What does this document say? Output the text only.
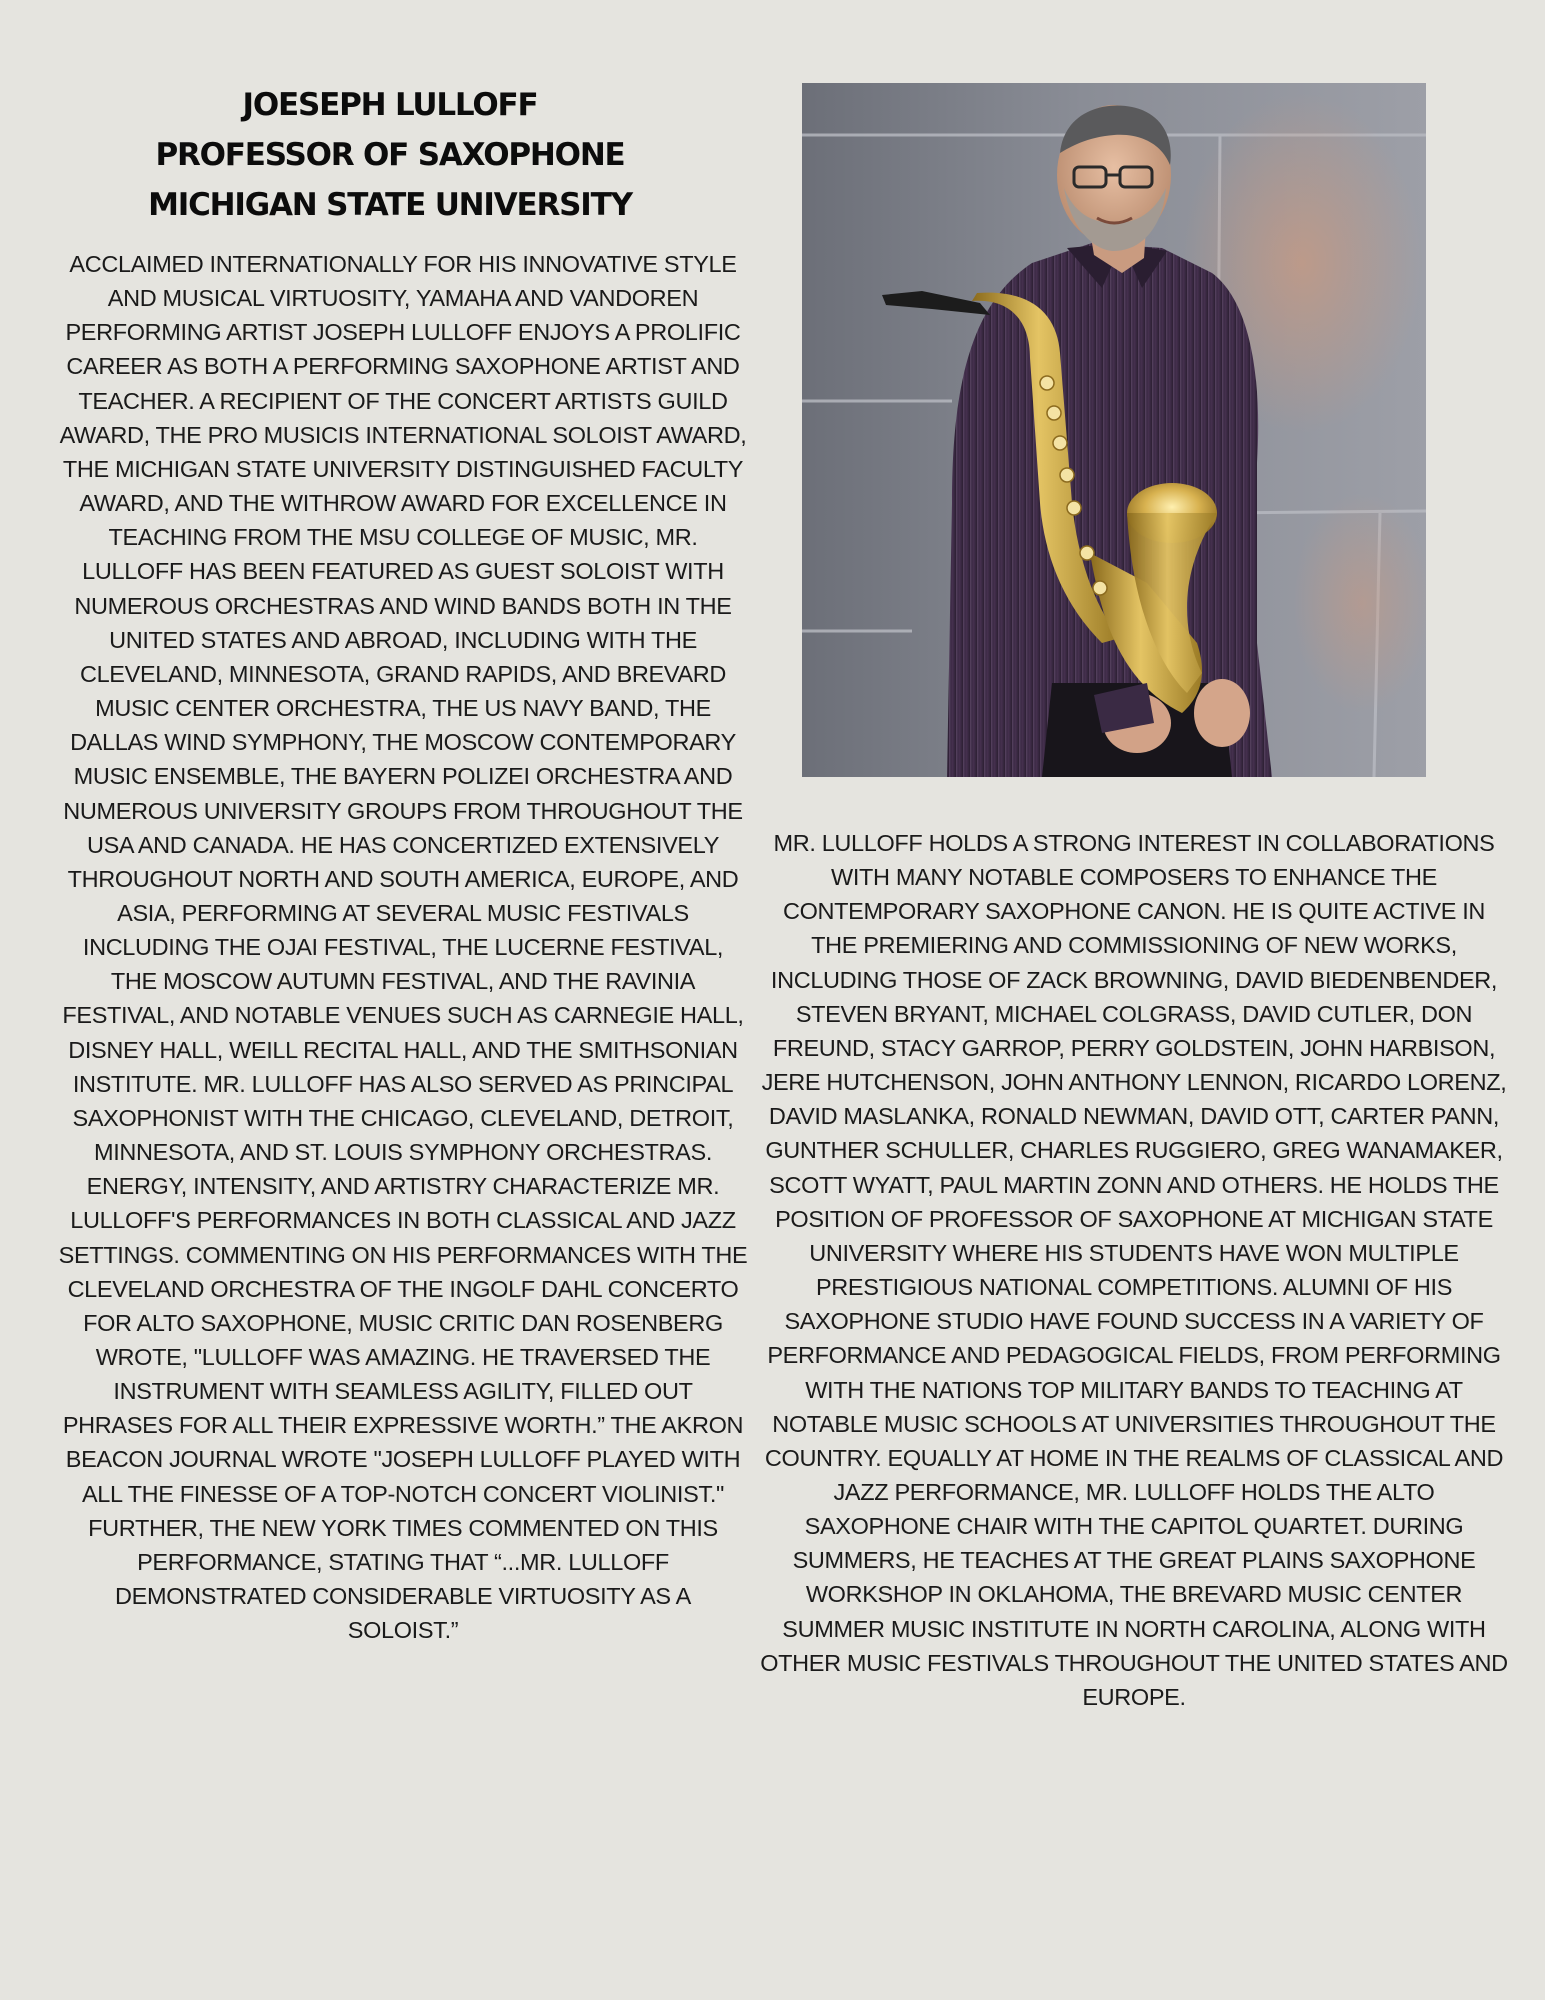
JOESEPH LULLOFF
PROFESSOR OF SAXOPHONE
MICHIGAN STATE UNIVERSITY

ACCLAIMED INTERNATIONALLY FOR HIS INNOVATIVE STYLE AND MUSICAL VIRTUOSITY, YAMAHA AND VANDOREN PERFORMING ARTIST JOSEPH LULLOFF ENJOYS A PROLIFIC CAREER AS BOTH A PERFORMING SAXOPHONE ARTIST AND TEACHER. A RECIPIENT OF THE CONCERT ARTISTS GUILD AWARD, THE PRO MUSICIS INTERNATIONAL SOLOIST AWARD, THE MICHIGAN STATE UNIVERSITY DISTINGUISHED FACULTY AWARD, AND THE WITHROW AWARD FOR EXCELLENCE IN TEACHING FROM THE MSU COLLEGE OF MUSIC, MR. LULLOFF HAS BEEN FEATURED AS GUEST SOLOIST WITH NUMEROUS ORCHESTRAS AND WIND BANDS BOTH IN THE UNITED STATES AND ABROAD, INCLUDING WITH THE CLEVELAND, MINNESOTA, GRAND RAPIDS, AND BREVARD MUSIC CENTER ORCHESTRA, THE US NAVY BAND, THE DALLAS WIND SYMPHONY, THE MOSCOW CONTEMPORARY MUSIC ENSEMBLE, THE BAYERN POLIZEI ORCHESTRA AND NUMEROUS UNIVERSITY GROUPS FROM THROUGHOUT THE USA AND CANADA. HE HAS CONCERTIZED EXTENSIVELY THROUGHOUT NORTH AND SOUTH AMERICA, EUROPE, AND ASIA, PERFORMING AT SEVERAL MUSIC FESTIVALS INCLUDING THE OJAI FESTIVAL, THE LUCERNE FESTIVAL, THE MOSCOW AUTUMN FESTIVAL, AND THE RAVINIA FESTIVAL, AND NOTABLE VENUES SUCH AS CARNEGIE HALL, DISNEY HALL, WEILL RECITAL HALL, AND THE SMITHSONIAN INSTITUTE. MR. LULLOFF HAS ALSO SERVED AS PRINCIPAL SAXOPHONIST WITH THE CHICAGO, CLEVELAND, DETROIT, MINNESOTA, AND ST. LOUIS SYMPHONY ORCHESTRAS.

ENERGY, INTENSITY, AND ARTISTRY CHARACTERIZE MR. LULLOFF'S PERFORMANCES IN BOTH CLASSICAL AND JAZZ SETTINGS. COMMENTING ON HIS PERFORMANCES WITH THE CLEVELAND ORCHESTRA OF THE INGOLF DAHL CONCERTO FOR ALTO SAXOPHONE, MUSIC CRITIC DAN ROSENBERG WROTE, "LULLOFF WAS AMAZING. HE TRAVERSED THE INSTRUMENT WITH SEAMLESS AGILITY, FILLED OUT PHRASES FOR ALL THEIR EXPRESSIVE WORTH.” THE AKRON BEACON JOURNAL WROTE "JOSEPH LULLOFF PLAYED WITH ALL THE FINESSE OF A TOP-NOTCH CONCERT VIOLINIST." FURTHER, THE NEW YORK TIMES COMMENTED ON THIS PERFORMANCE, STATING THAT “...MR. LULLOFF DEMONSTRATED CONSIDERABLE VIRTUOSITY AS A SOLOIST.”

MR. LULLOFF HOLDS A STRONG INTEREST IN COLLABORATIONS WITH MANY NOTABLE COMPOSERS TO ENHANCE THE CONTEMPORARY SAXOPHONE CANON. HE IS QUITE ACTIVE IN THE PREMIERING AND COMMISSIONING OF NEW WORKS, INCLUDING THOSE OF ZACK BROWNING, DAVID BIEDENBENDER, STEVEN BRYANT, MICHAEL COLGRASS, DAVID CUTLER, DON FREUND, STACY GARROP, PERRY GOLDSTEIN, JOHN HARBISON, JERE HUTCHENSON, JOHN ANTHONY LENNON, RICARDO LORENZ, DAVID MASLANKA, RONALD NEWMAN, DAVID OTT, CARTER PANN, GUNTHER SCHULLER, CHARLES RUGGIERO, GREG WANAMAKER, SCOTT WYATT, PAUL MARTIN ZONN AND OTHERS. HE HOLDS THE POSITION OF PROFESSOR OF SAXOPHONE AT MICHIGAN STATE UNIVERSITY WHERE HIS STUDENTS HAVE WON MULTIPLE PRESTIGIOUS NATIONAL COMPETITIONS. ALUMNI OF HIS SAXOPHONE STUDIO HAVE FOUND SUCCESS IN A VARIETY OF PERFORMANCE AND PEDAGOGICAL FIELDS, FROM PERFORMING WITH THE NATIONS TOP MILITARY BANDS TO TEACHING AT NOTABLE MUSIC SCHOOLS AT UNIVERSITIES THROUGHOUT THE COUNTRY. EQUALLY AT HOME IN THE REALMS OF CLASSICAL AND JAZZ PERFORMANCE, MR. LULLOFF HOLDS THE ALTO SAXOPHONE CHAIR WITH THE CAPITOL QUARTET. DURING SUMMERS, HE TEACHES AT THE GREAT PLAINS SAXOPHONE WORKSHOP IN OKLAHOMA, THE BREVARD MUSIC CENTER SUMMER MUSIC INSTITUTE IN NORTH CAROLINA, ALONG WITH OTHER MUSIC FESTIVALS THROUGHOUT THE UNITED STATES AND EUROPE.
